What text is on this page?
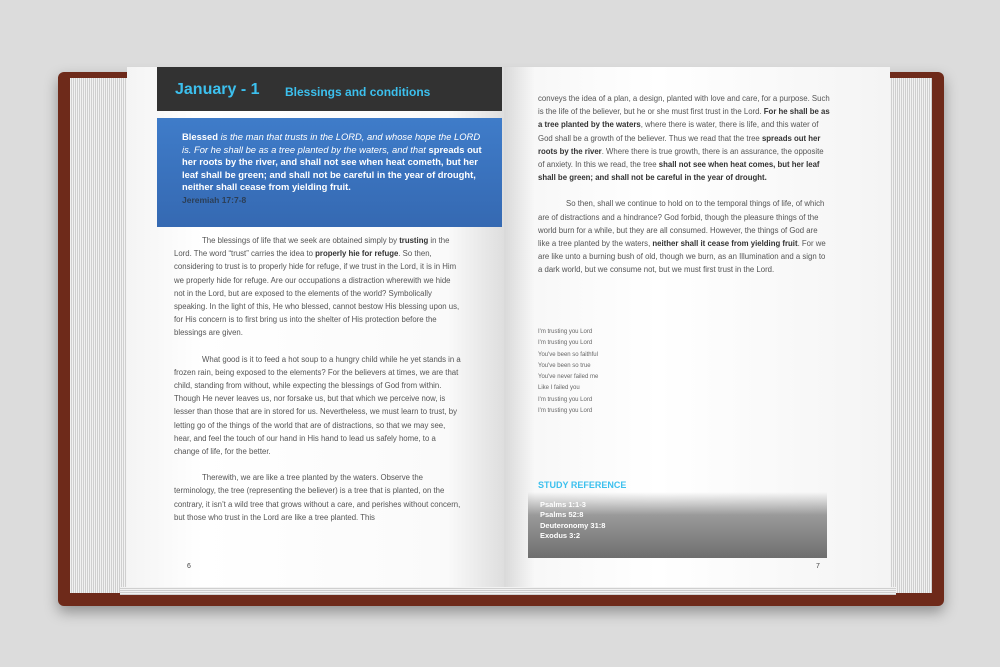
January - 1 Blessings and conditions
Blessed is the man that trusts in the LORD, and whose hope the LORD is. For he shall be as a tree planted by the waters, and that spreads out her roots by the river, and shall not see when heat cometh, but her leaf shall be green; and shall not be careful in the year of drought, neither shall cease from yielding fruit.
Jeremiah 17:7-8

The blessings of life that we seek are obtained simply by trusting in the Lord. The word “trust” carries the idea to properly hie for refuge. So then, considering to trust is to properly hide for refuge, if we trust in the Lord, it is in Him we properly hide for refuge. Are our occupations a distraction wherewith we hide not in the Lord, but are exposed to the elements of the world? Symbolically speaking. In the light of this, He who blessed, cannot bestow His blessing upon us, for His concern is to first bring us into the shelter of His protection before the blessings are given.

What good is it to feed a hot soup to a hungry child while he yet stands in a frozen rain, being exposed to the elements? For the believers at times, we are that child, standing from without, while expecting the blessings of God from within. Though He never leaves us, nor forsake us, but that which we perceive now, is lesser than those that are in stored for us. Nevertheless, we must learn to trust, by letting go of the things of the world that are of distractions, so that we may see, hear, and feel the touch of our hand in His hand to lead us safely home, to a change of life, for the better.

Therewith, we are like a tree planted by the waters. Observe the terminology, the tree (representing the believer) is a tree that is planted, on the contrary, it isn’t a wild tree that grows without a care, and perishes without concern, but those who trust in the Lord are like a tree planted. This

6

conveys the idea of a plan, a design, planted with love and care, for a purpose. Such is the life of the believer, but he or she must first trust in the Lord. For he shall be as a tree planted by the waters, where there is water, there is life, and this water of God shall be a growth of the believer. Thus we read that the tree spreads out her roots by the river. Where there is true growth, there is an assurance, the opposite of anxiety. In this we read, the tree shall not see when heat comes, but her leaf shall be green; and shall not be careful in the year of drought.

So then, shall we continue to hold on to the temporal things of life, of which are of distractions and a hindrance? God forbid, though the pleasure things of the world burn for a while, but they are all consumed. However, the things of God are like a tree planted by the waters, neither shall it cease from yielding fruit. For we are like unto a burning bush of old, though we burn, as an Illumination and a sign to a dark world, but we consume not, but we must first trust in the Lord.

I'm trusting you Lord
I'm trusting you Lord
You've been so faithful
You've been so true
You've never failed me
Like I failed you
I'm trusting you Lord
I'm trusting you Lord
STUDY REFERENCE
Psalms 1:1-3
Psalms 52:8
Deuteronomy 31:8
Exodus 3:2
7
